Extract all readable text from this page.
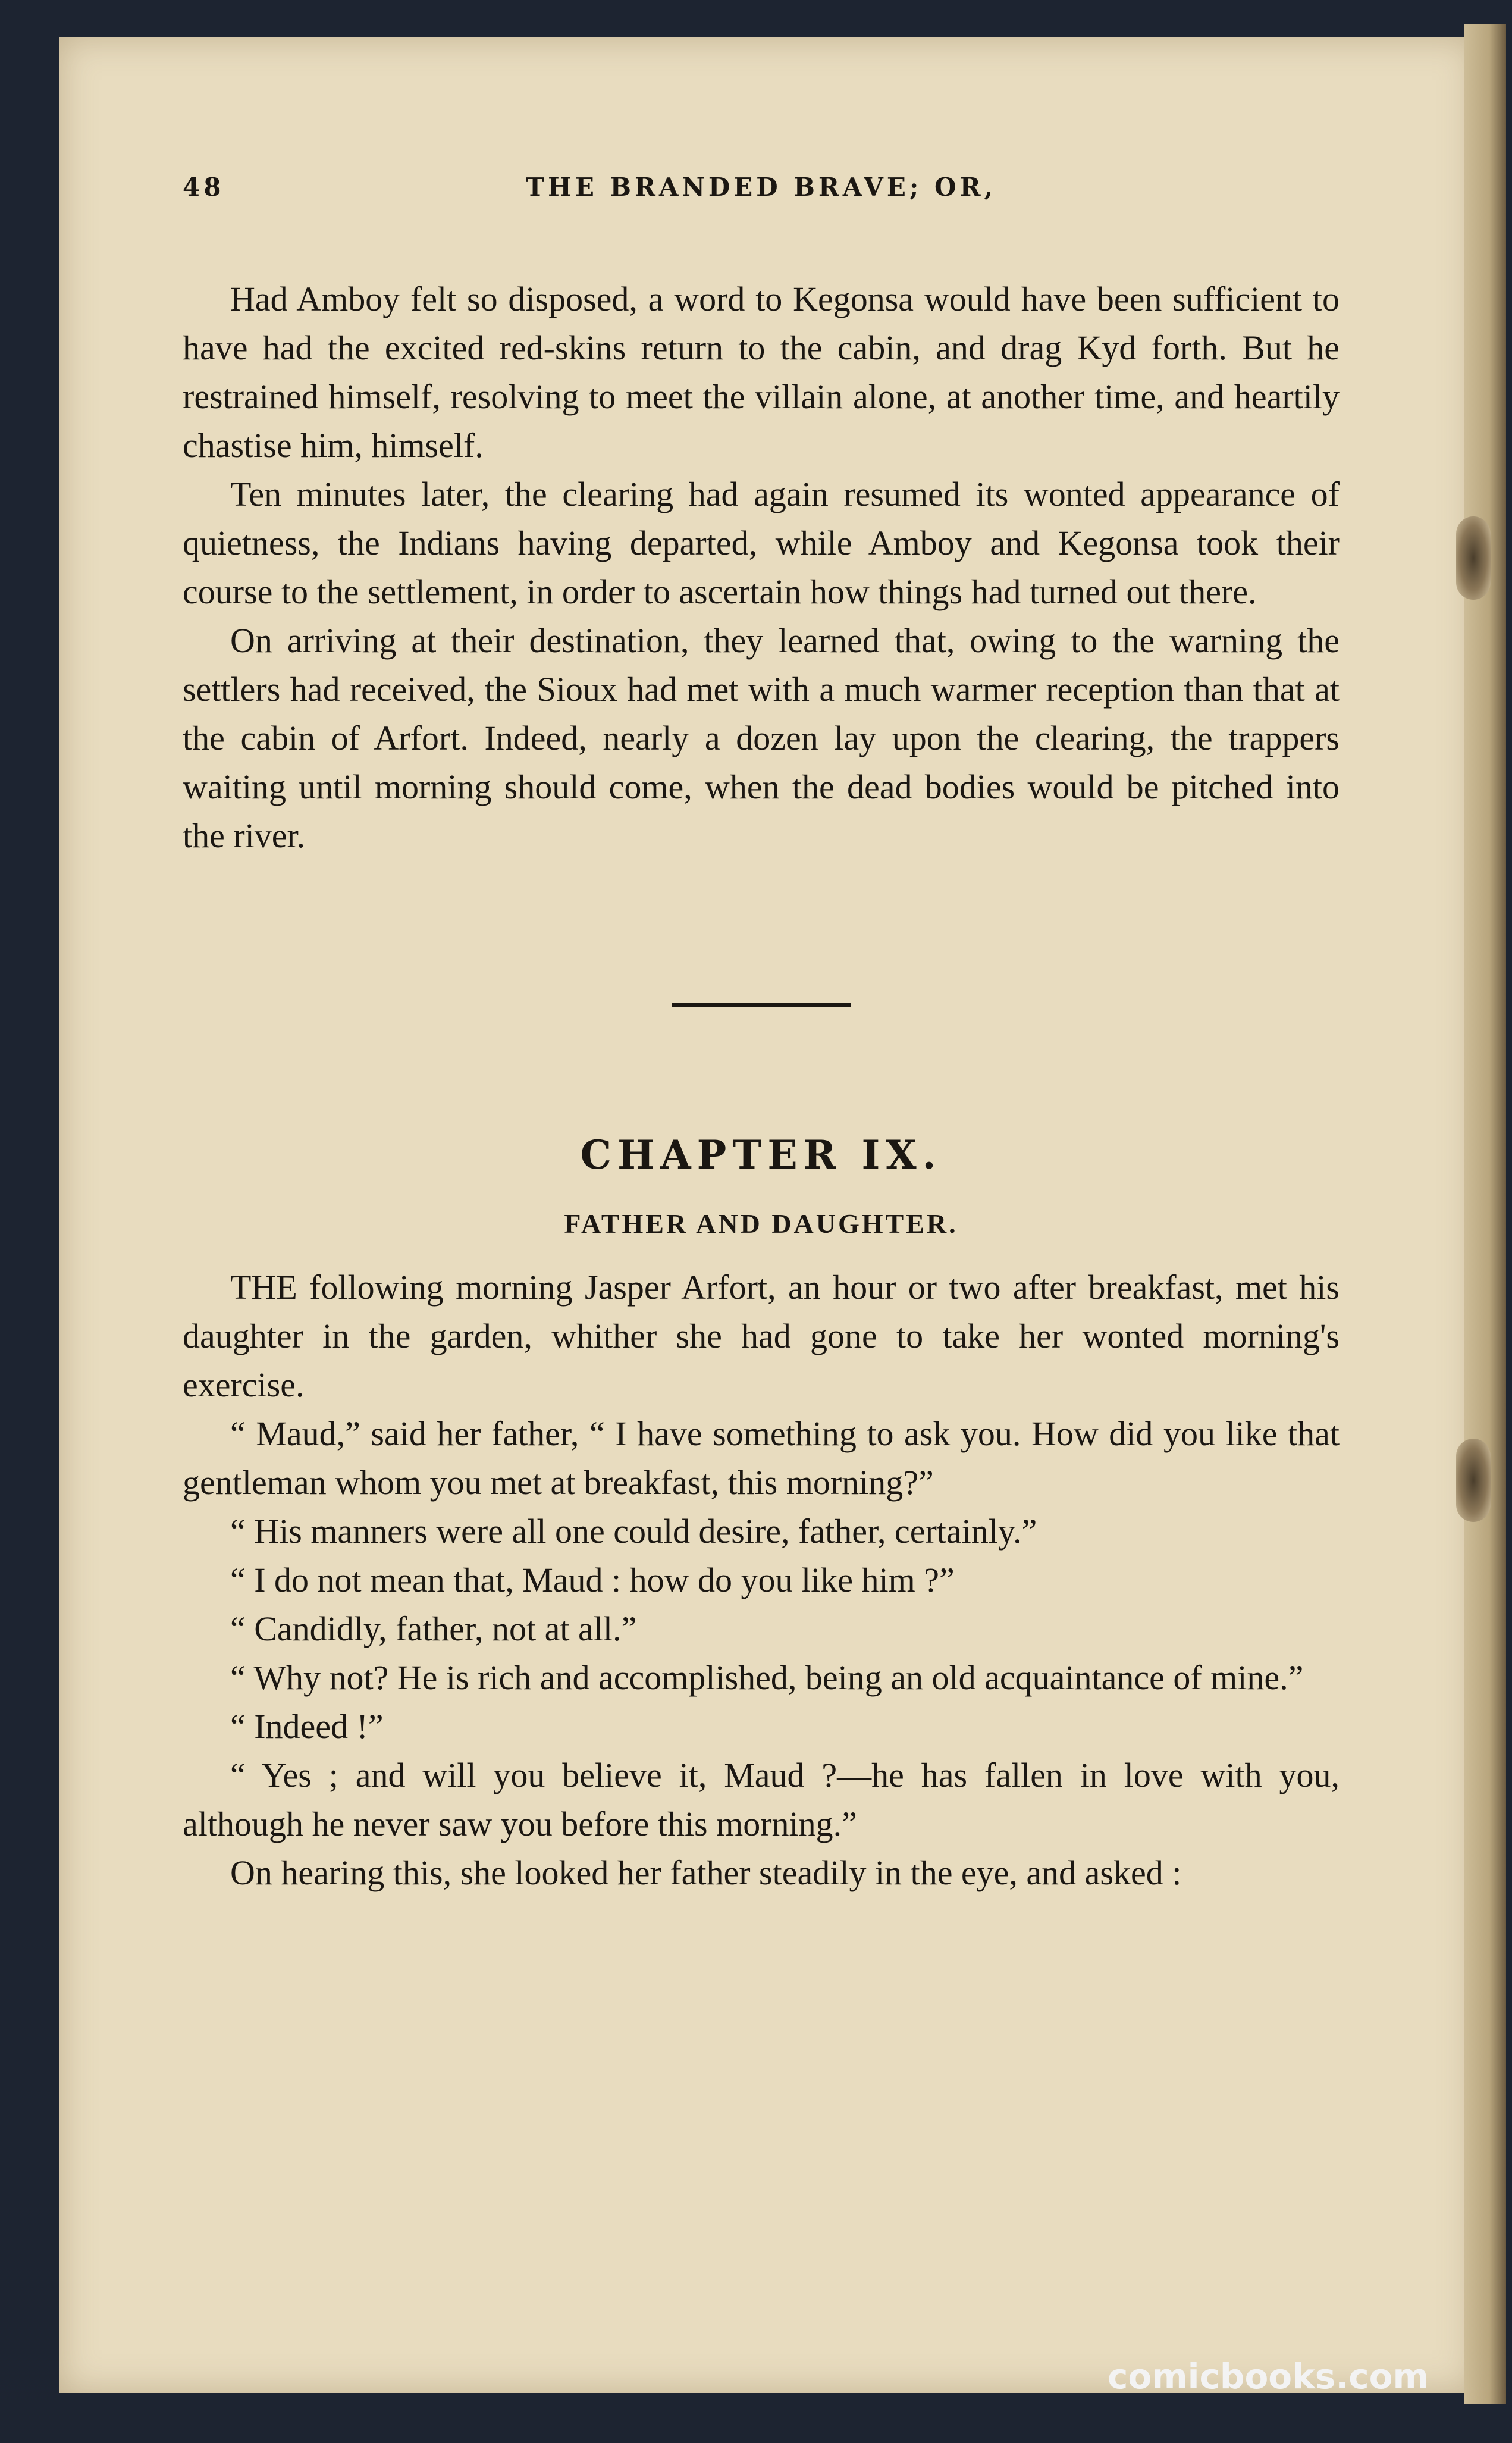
48	THE BRANDED BRAVE; OR,

Had Amboy felt so disposed, a word to Kegonsa would have been sufficient to have had the excited red-skins return to the cabin, and drag Kyd forth. But he restrained himself, resolving to meet the villain alone, at another time, and heartily chastise him, himself.

Ten minutes later, the clearing had again resumed its wonted appearance of quietness, the Indians having departed, while Amboy and Kegonsa took their course to the settlement, in order to ascertain how things had turned out there.

On arriving at their destination, they learned that, owing to the warning the settlers had received, the Sioux had met with a much warmer reception than that at the cabin of Arfort. Indeed, nearly a dozen lay upon the clearing, the trappers waiting until morning should come, when the dead bodies would be pitched into the river.

CHAPTER IX.
FATHER AND DAUGHTER.

THE following morning Jasper Arfort, an hour or two after breakfast, met his daughter in the garden, whither she had gone to take her wonted morning's exercise.

“ Maud,” said her father, “ I have something to ask you. How did you like that gentleman whom you met at breakfast, this morning?”

“ His manners were all one could desire, father, certainly.”

“ I do not mean that, Maud : how do you like him ?”

“ Candidly, father, not at all.”

“ Why not? He is rich and accomplished, being an old acquaintance of mine.”

“ Indeed !”

“ Yes ; and will you believe it, Maud ?—he has fallen in love with you, although he never saw you before this morning.”

On hearing this, she looked her father steadily in the eye, and asked :

comicbooks.com
